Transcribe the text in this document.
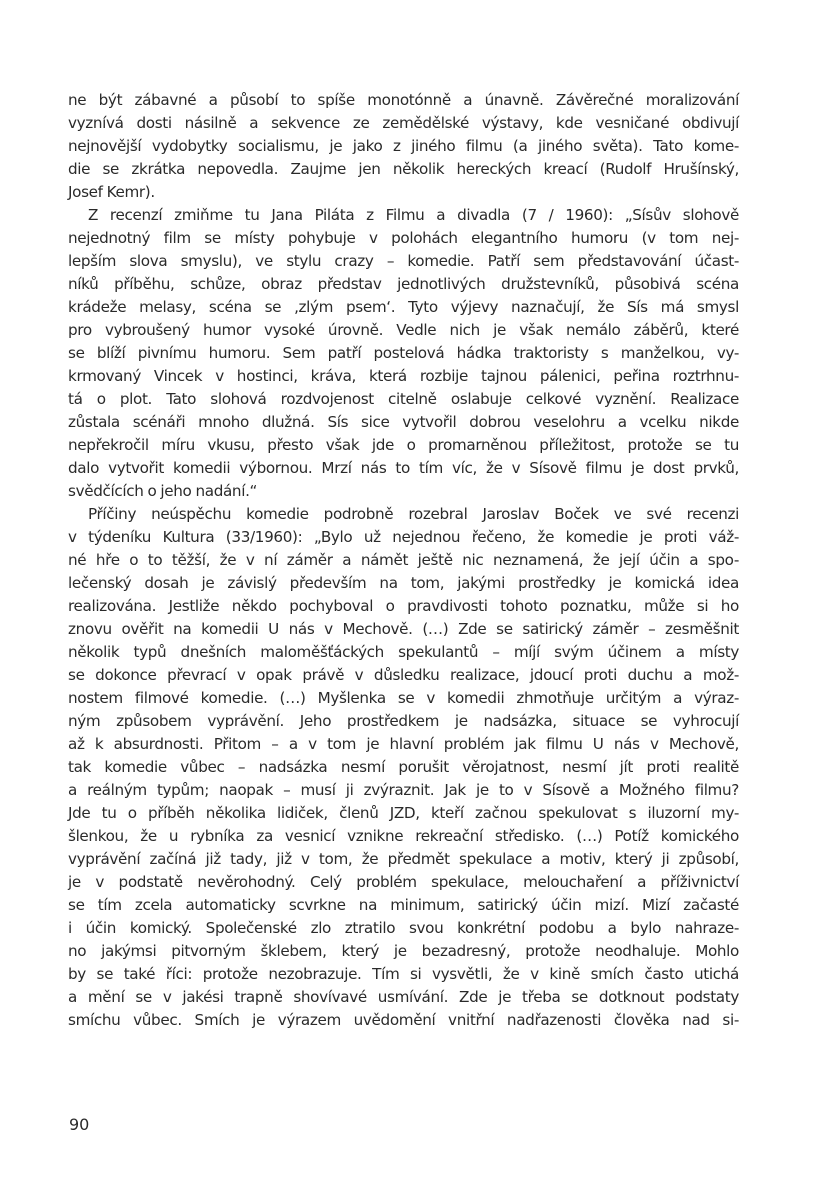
ne být zábavné a působí to spíše monotónně a únavně. Závěrečné moralizování
vyznívá dosti násilně a sekvence ze zemědělské výstavy, kde vesničané obdivují
nejnovější vydobytky socialismu, je jako z jiného filmu (a jiného světa). Tato kome-
die se zkrátka nepovedla. Zaujme jen několik hereckých kreací (Rudolf Hrušínský,
Josef Kemr).
Z recenzí zmiňme tu Jana Piláta z Filmu a divadla (7 / 1960): „Sísův slohově
nejednotný film se místy pohybuje v polohách elegantního humoru (v tom nej-
lepším slova smyslu), ve stylu crazy – komedie. Patří sem představování účast-
níků příběhu, schůze, obraz představ jednotlivých družstevníků, působivá scéna
krádeže melasy, scéna se ‚zlým psem‘. Tyto výjevy naznačují, že Sís má smysl
pro vybroušený humor vysoké úrovně. Vedle nich je však nemálo záběrů, které
se blíží pivnímu humoru. Sem patří postelová hádka traktoristy s manželkou, vy-
krmovaný Vincek v hostinci, kráva, která rozbije tajnou pálenici, peřina roztrhnu-
tá o plot. Tato slohová rozdvojenost citelně oslabuje celkové vyznění. Realizace
zůstala scénáři mnoho dlužná. Sís sice vytvořil dobrou veselohru a vcelku nikde
nepřekročil míru vkusu, přesto však jde o promarněnou příležitost, protože se tu
dalo vytvořit komedii výbornou. Mrzí nás to tím víc, že v Sísově filmu je dost prvků,
svědčících o jeho nadání.“
Příčiny neúspěchu komedie podrobně rozebral Jaroslav Boček ve své recenzi
v týdeníku Kultura (33/1960): „Bylo už nejednou řečeno, že komedie je proti váž-
né hře o to těžší, že v ní záměr a námět ještě nic neznamená, že její účin a spo-
lečenský dosah je závislý především na tom, jakými prostředky je komická idea
realizována. Jestliže někdo pochyboval o pravdivosti tohoto poznatku, může si ho
znovu ověřit na komedii U nás v Mechově. (…) Zde se satirický záměr – zesměšnit
několik typů dnešních maloměšťáckých spekulantů – míjí svým účinem a místy
se dokonce převrací v opak právě v důsledku realizace, jdoucí proti duchu a mož-
nostem filmové komedie. (…) Myšlenka se v komedii zhmotňuje určitým a výraz-
ným způsobem vyprávění. Jeho prostředkem je nadsázka, situace se vyhrocují
až k absurdnosti. Přitom – a v tom je hlavní problém jak filmu U nás v Mechově,
tak komedie vůbec – nadsázka nesmí porušit věrojatnost, nesmí jít proti realitě
a reálným typům; naopak – musí ji zvýraznit. Jak je to v Sísově a Možného filmu?
Jde tu o příběh několika lidiček, členů JZD, kteří začnou spekulovat s iluzorní my-
šlenkou, že u rybníka za vesnicí vznikne rekreační středisko. (…) Potíž komického
vyprávění začíná již tady, již v tom, že předmět spekulace a motiv, který ji způsobí,
je v podstatě nevěrohodný. Celý problém spekulace, melouchaření a příživnictví
se tím zcela automaticky scvrkne na minimum, satirický účin mizí. Mizí začasté
i účin komický. Společenské zlo ztratilo svou konkrétní podobu a bylo nahraze-
no jakýmsi pitvorným šklebem, který je bezadresný, protože neodhaluje. Mohlo
by se také říci: protože nezobrazuje. Tím si vysvětli, že v kině smích často utichá
a mění se v jakési trapně shovívavé usmívání. Zde je třeba se dotknout podstaty
smíchu vůbec. Smích je výrazem uvědomění vnitřní nadřazenosti člověka nad si-
90
